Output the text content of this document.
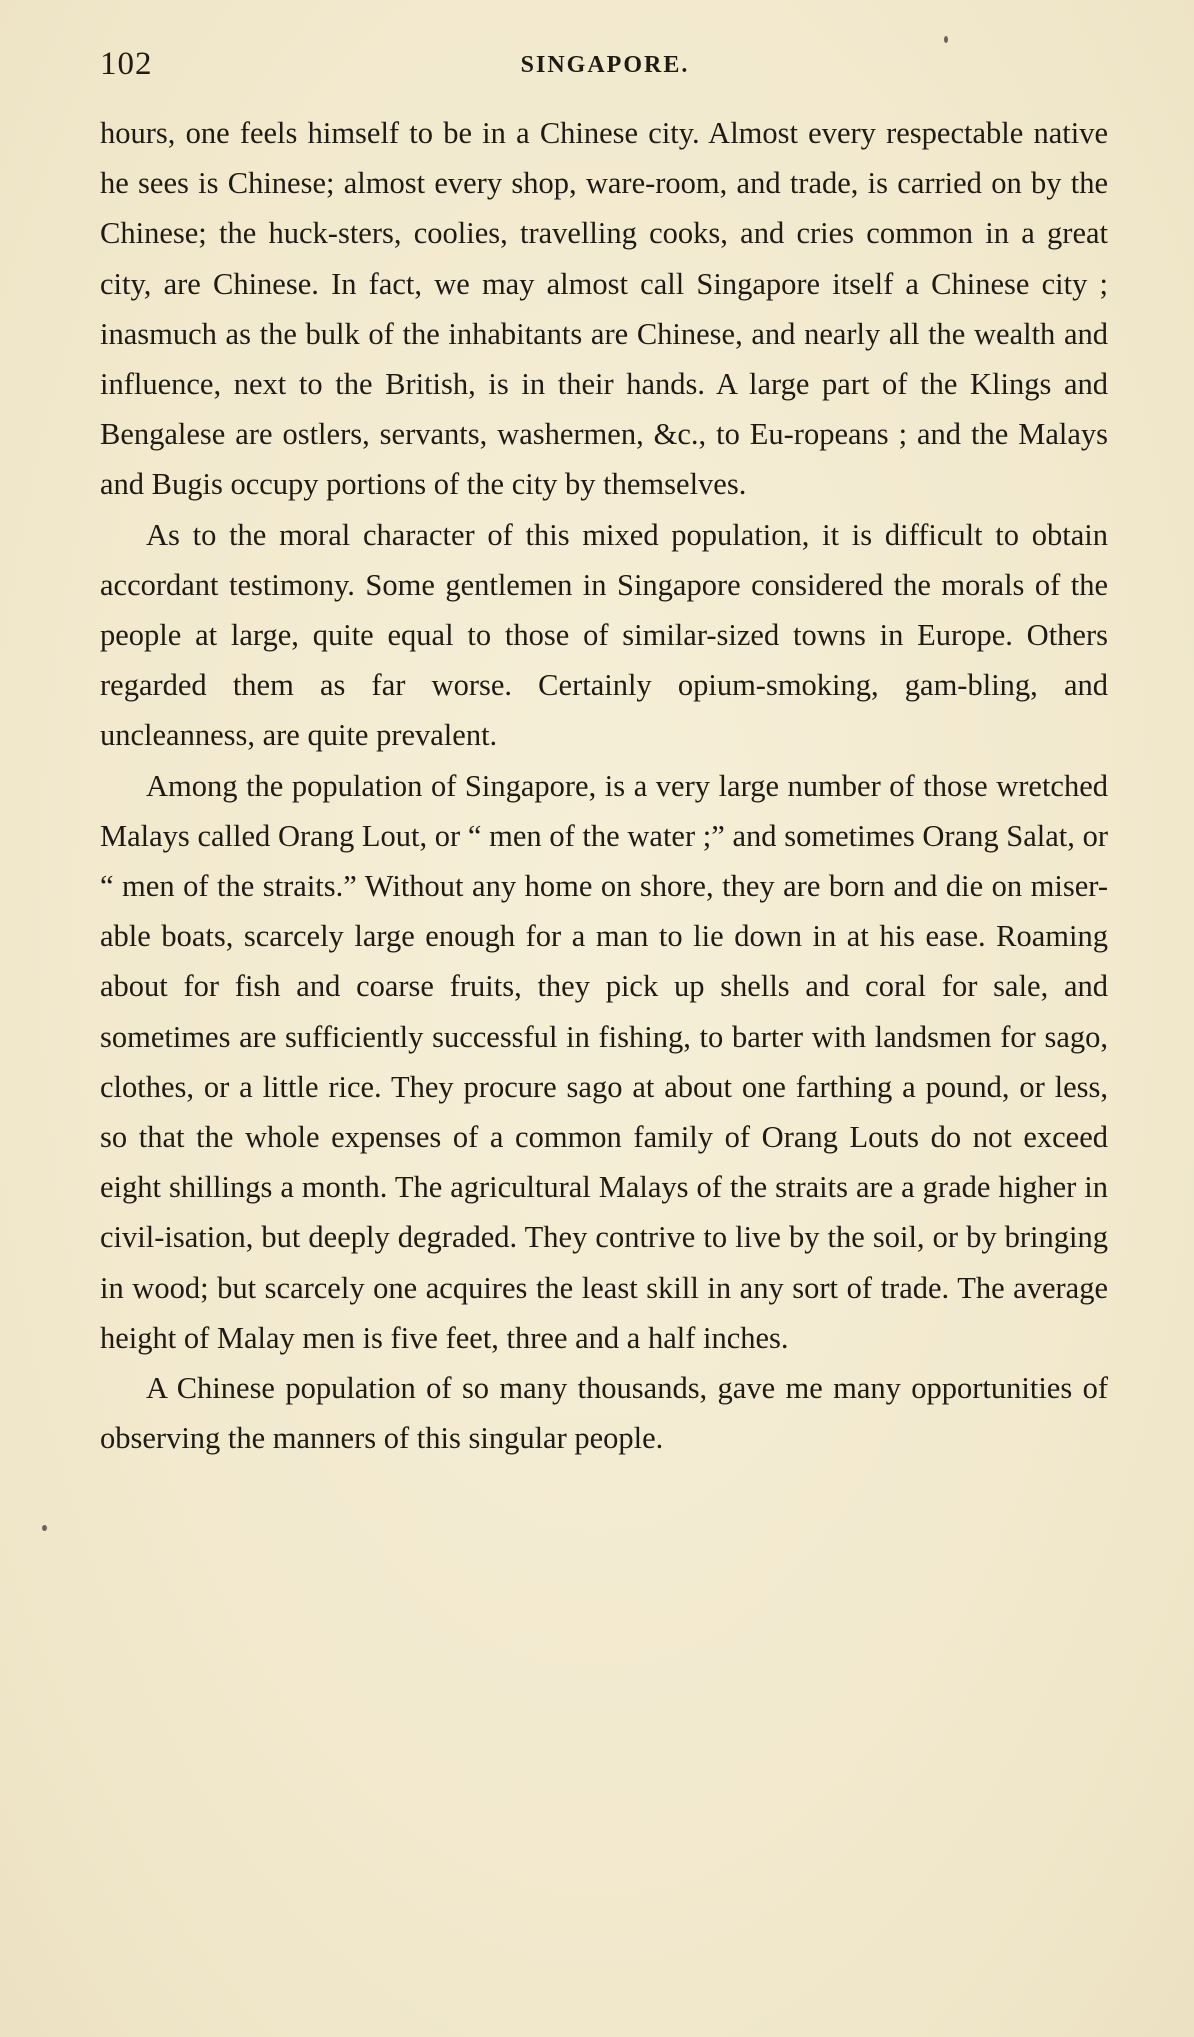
102	SINGAPORE.

hours, one feels himself to be in a Chinese city. Almost every respectable native he sees is Chinese; almost every shop, ware-room, and trade, is carried on by the Chinese; the huck-sters, coolies, travelling cooks, and cries common in a great city, are Chinese. In fact, we may almost call Singapore itself a Chinese city ; inasmuch as the bulk of the inhabitants are Chinese, and nearly all the wealth and influence, next to the British, is in their hands. A large part of the Klings and Bengalese are ostlers, servants, washermen, &c., to Eu-ropeans ; and the Malays and Bugis occupy portions of the city by themselves.

As to the moral character of this mixed population, it is difficult to obtain accordant testimony. Some gentlemen in Singapore considered the morals of the people at large, quite equal to those of similar-sized towns in Europe. Others regarded them as far worse. Certainly opium-smoking, gam-bling, and uncleanness, are quite prevalent.

Among the population of Singapore, is a very large number of those wretched Malays called Orang Lout, or “ men of the water ;” and sometimes Orang Salat, or “ men of the straits.” Without any home on shore, they are born and die on miser-able boats, scarcely large enough for a man to lie down in at his ease. Roaming about for fish and coarse fruits, they pick up shells and coral for sale, and sometimes are sufficiently successful in fishing, to barter with landsmen for sago, clothes, or a little rice. They procure sago at about one farthing a pound, or less, so that the whole expenses of a common family of Orang Louts do not exceed eight shillings a month. The agricultural Malays of the straits are a grade higher in civil-isation, but deeply degraded. They contrive to live by the soil, or by bringing in wood; but scarcely one acquires the least skill in any sort of trade. The average height of Malay men is five feet, three and a half inches.

A Chinese population of so many thousands, gave me many opportunities of observing the manners of this singular people.
